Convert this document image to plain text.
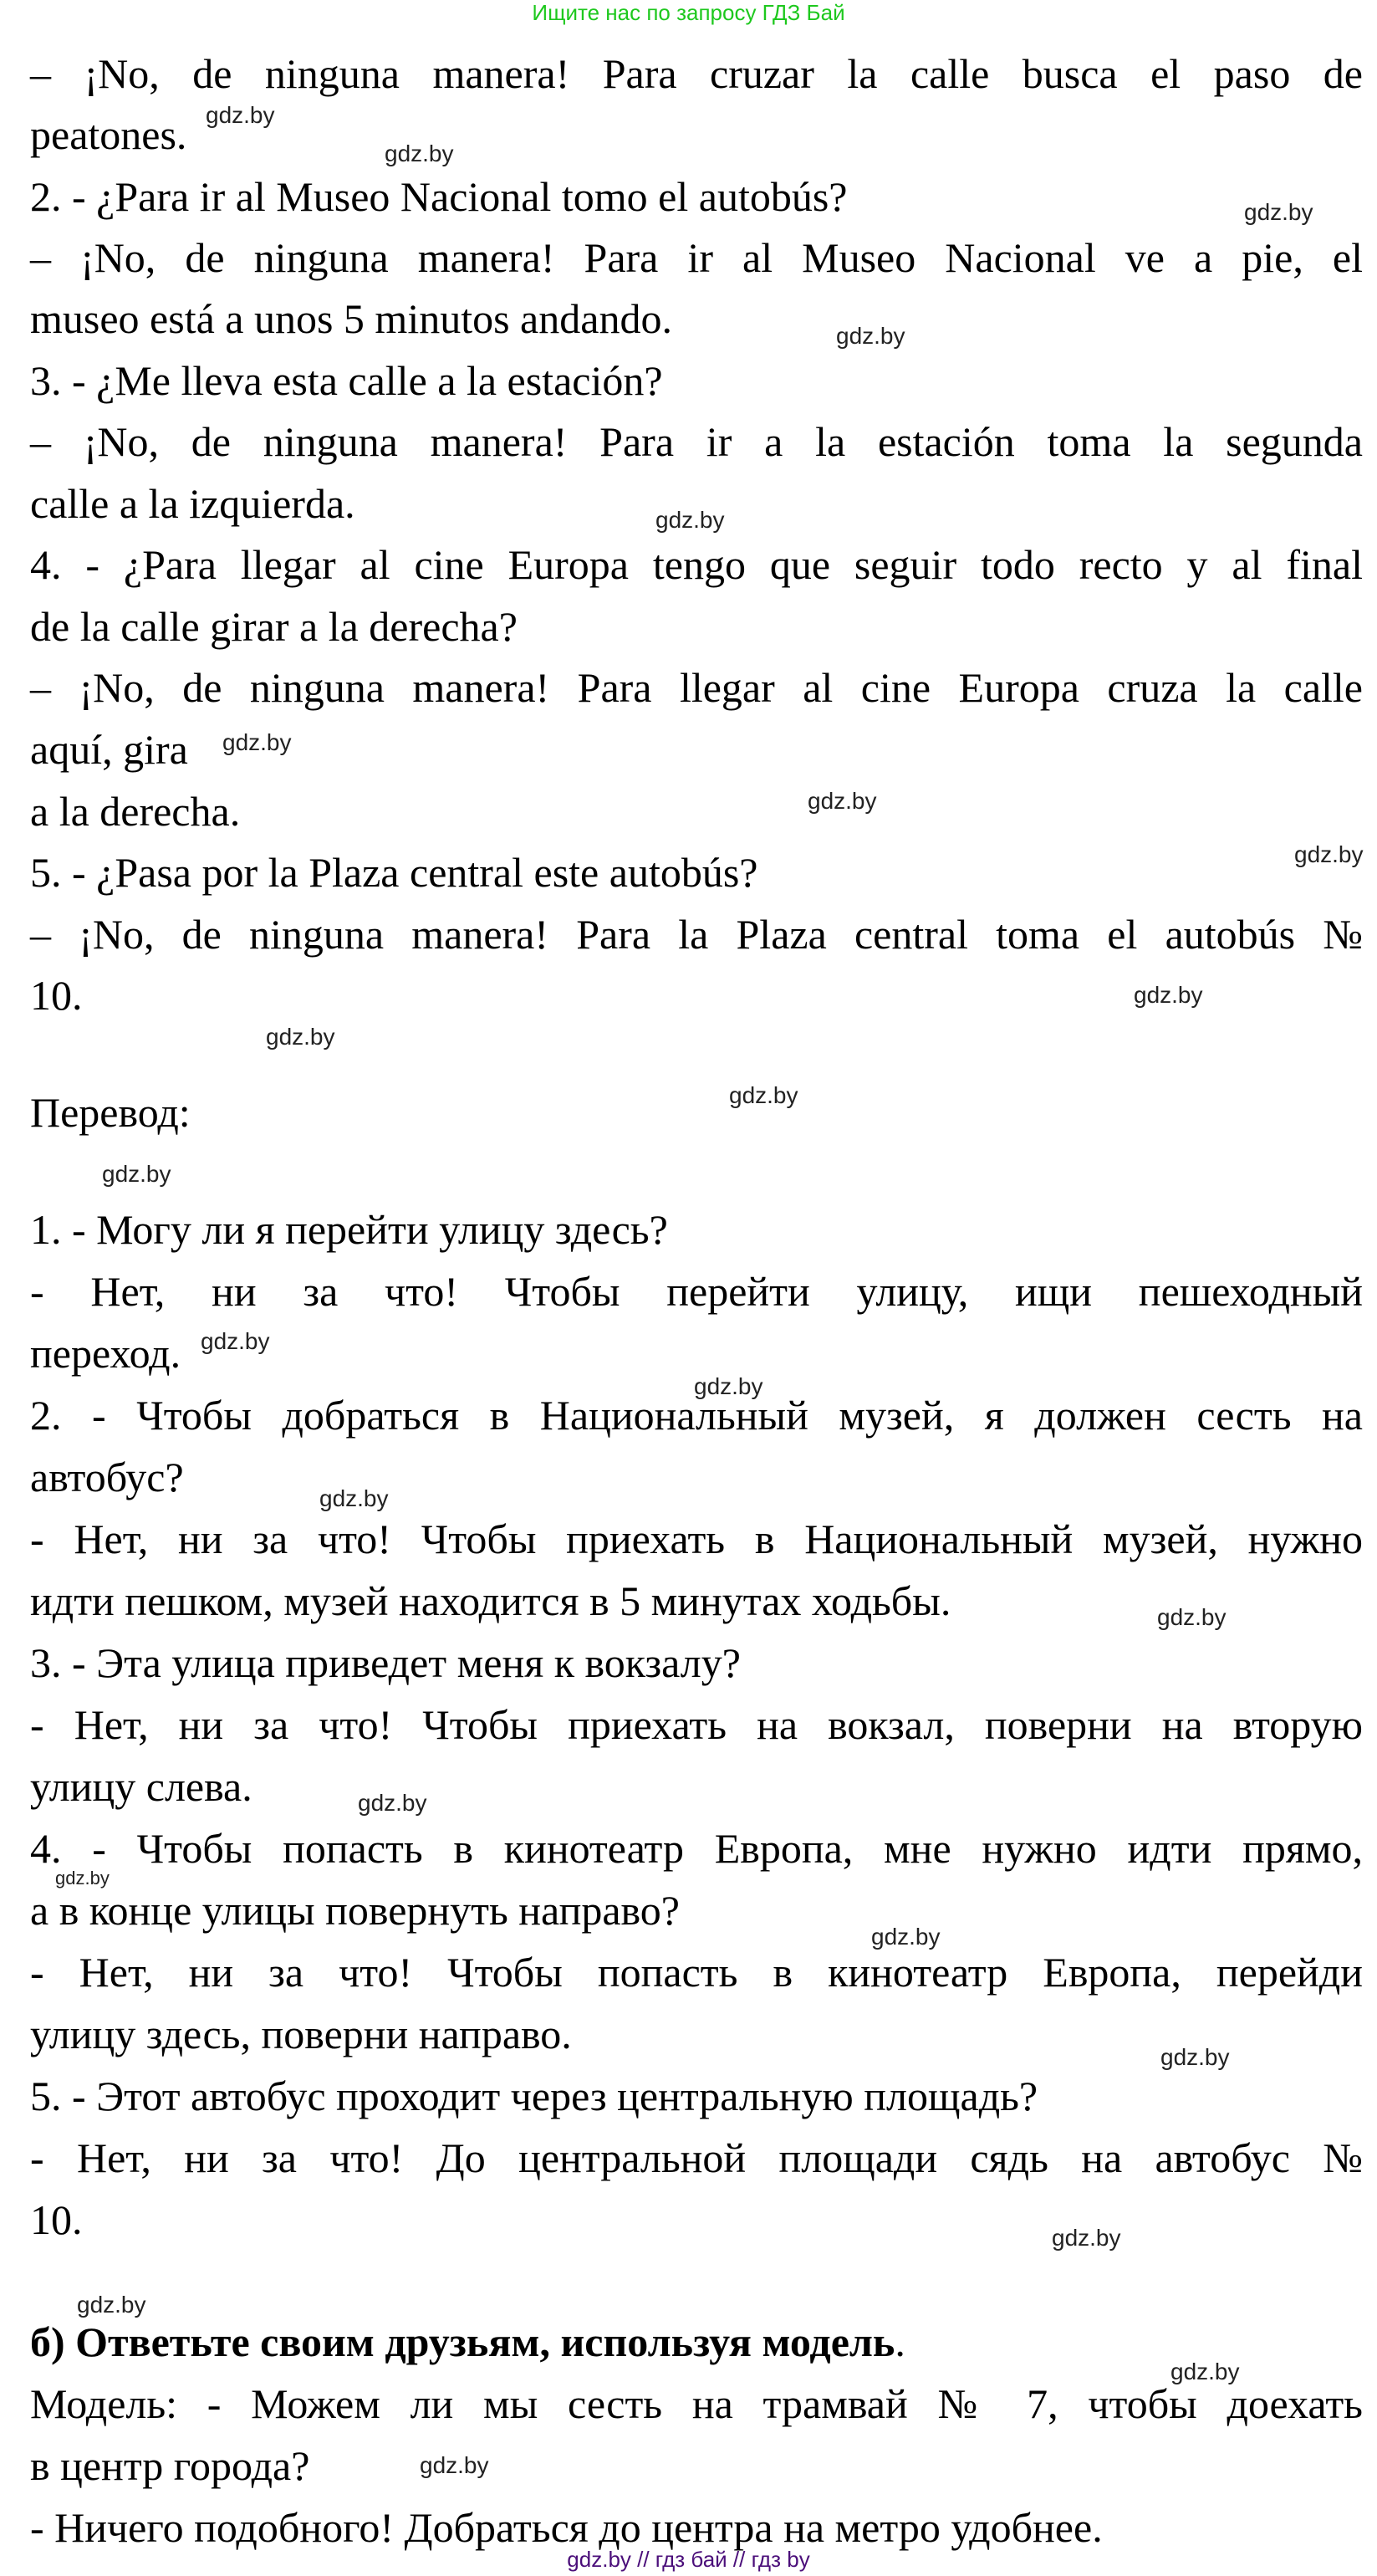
Ищите нас по запросу ГДЗ Бай
– ¡No, de ninguna manera! Para cruzar la calle busca el paso de
peatones.
2. - ¿Para ir al Museo Nacional tomo el autobús?
– ¡No, de ninguna manera! Para ir al Museo Nacional ve a pie, el
museo está a unos 5 minutos andando.
3. - ¿Me lleva esta calle a la estación?
– ¡No, de ninguna manera! Para ir a la estación toma la segunda
calle a la izquierda.
4. - ¿Para llegar al cine Europa tengo que seguir todo recto y al final
de la calle girar a la derecha?
– ¡No, de ninguna manera! Para llegar al cine Europa cruza la calle
aquí, gira
a la derecha.
5. - ¿Pasa por la Plaza central este autobús?
– ¡No, de ninguna manera! Para la Plaza central toma el autobús №
10.
Перевод:
1. - Могу ли я перейти улицу здесь?
- Нет, ни за что! Чтобы перейти улицу, ищи пешеходный
переход.
2. - Чтобы добраться в Национальный музей, я должен сесть на
автобус?
- Нет, ни за что! Чтобы приехать в Национальный музей, нужно
идти пешком, музей находится в 5 минутах ходьбы.
3. - Эта улица приведет меня к вокзалу?
- Нет, ни за что! Чтобы приехать на вокзал, поверни на вторую
улицу слева.
4. - Чтобы попасть в кинотеатр Европа, мне нужно идти прямо,
а в конце улицы повернуть направо?
- Нет, ни за что! Чтобы попасть в кинотеатр Европа, перейди
улицу здесь, поверни направо.
5. - Этот автобус проходит через центральную площадь?
- Нет, ни за что! До центральной площади сядь на автобус №
10.
б) Ответьте своим друзьям, используя модель.
Модель: - Можем ли мы сесть на трамвай № 7, чтобы доехать
в центр города?
- Ничего подобного! Добраться до центра на метро удобнее.
gdz.by
gdz.by
gdz.by
gdz.by
gdz.by
gdz.by
gdz.by
gdz.by
gdz.by
gdz.by
gdz.by
gdz.by
gdz.by
gdz.by
gdz.by
gdz.by
gdz.by
gdz.by
gdz.by
gdz.by
gdz.by
gdz.by
gdz.by
gdz.by
gdz.by // гдз бай // гдз by
